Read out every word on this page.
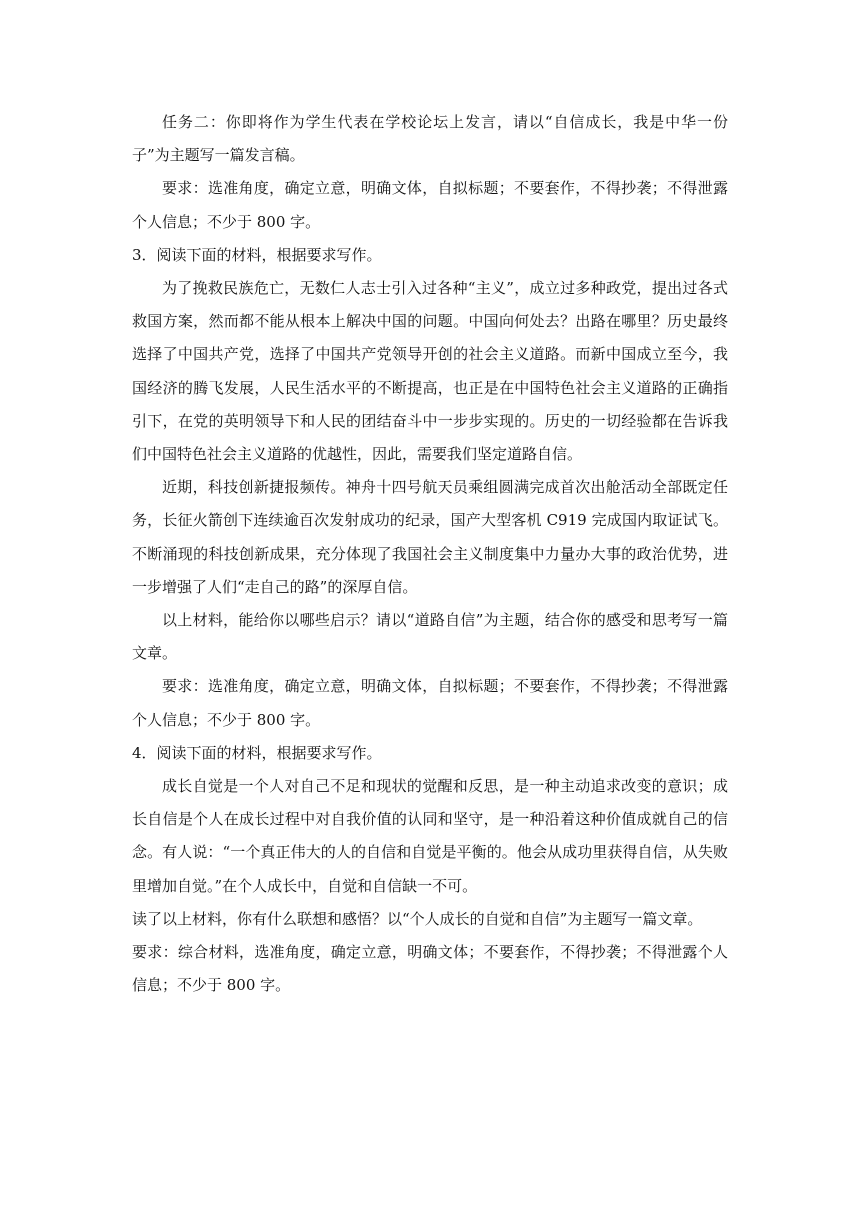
任务二：你即将作为学生代表在学校论坛上发言，请以“自信成长，我是中华一份子”为主题写一篇发言稿。

要求：选准角度，确定立意，明确文体，自拟标题；不要套作，不得抄袭；不得泄露个人信息；不少于 800 字。

3．阅读下面的材料，根据要求写作。

为了挽救民族危亡，无数仁人志士引入过各种“主义”，成立过多种政党，提出过各式救国方案，然而都不能从根本上解决中国的问题。中国向何处去？出路在哪里？历史最终选择了中国共产党，选择了中国共产党领导开创的社会主义道路。而新中国成立至今，我国经济的腾飞发展，人民生活水平的不断提高，也正是在中国特色社会主义道路的正确指引下，在党的英明领导下和人民的团结奋斗中一步步实现的。历史的一切经验都在告诉我们中国特色社会主义道路的优越性，因此，需要我们坚定道路自信。

近期，科技创新捷报频传。神舟十四号航天员乘组圆满完成首次出舱活动全部既定任务，长征火箭创下连续逾百次发射成功的纪录，国产大型客机 C919 完成国内取证试飞。不断涌现的科技创新成果，充分体现了我国社会主义制度集中力量办大事的政治优势，进一步增强了人们“走自己的路”的深厚自信。

以上材料，能给你以哪些启示？请以“道路自信”为主题，结合你的感受和思考写一篇文章。

要求：选准角度，确定立意，明确文体，自拟标题；不要套作，不得抄袭；不得泄露个人信息；不少于 800 字。

4．阅读下面的材料，根据要求写作。

成长自觉是一个人对自己不足和现状的觉醒和反思，是一种主动追求改变的意识；成长自信是个人在成长过程中对自我价值的认同和坚守，是一种沿着这种价值成就自己的信念。有人说：“一个真正伟大的人的自信和自觉是平衡的。他会从成功里获得自信，从失败里增加自觉。”在个人成长中，自觉和自信缺一不可。

读了以上材料，你有什么联想和感悟？以“个人成长的自觉和自信”为主题写一篇文章。

要求：综合材料，选准角度，确定立意，明确文体；不要套作，不得抄袭；不得泄露个人信息；不少于 800 字。
